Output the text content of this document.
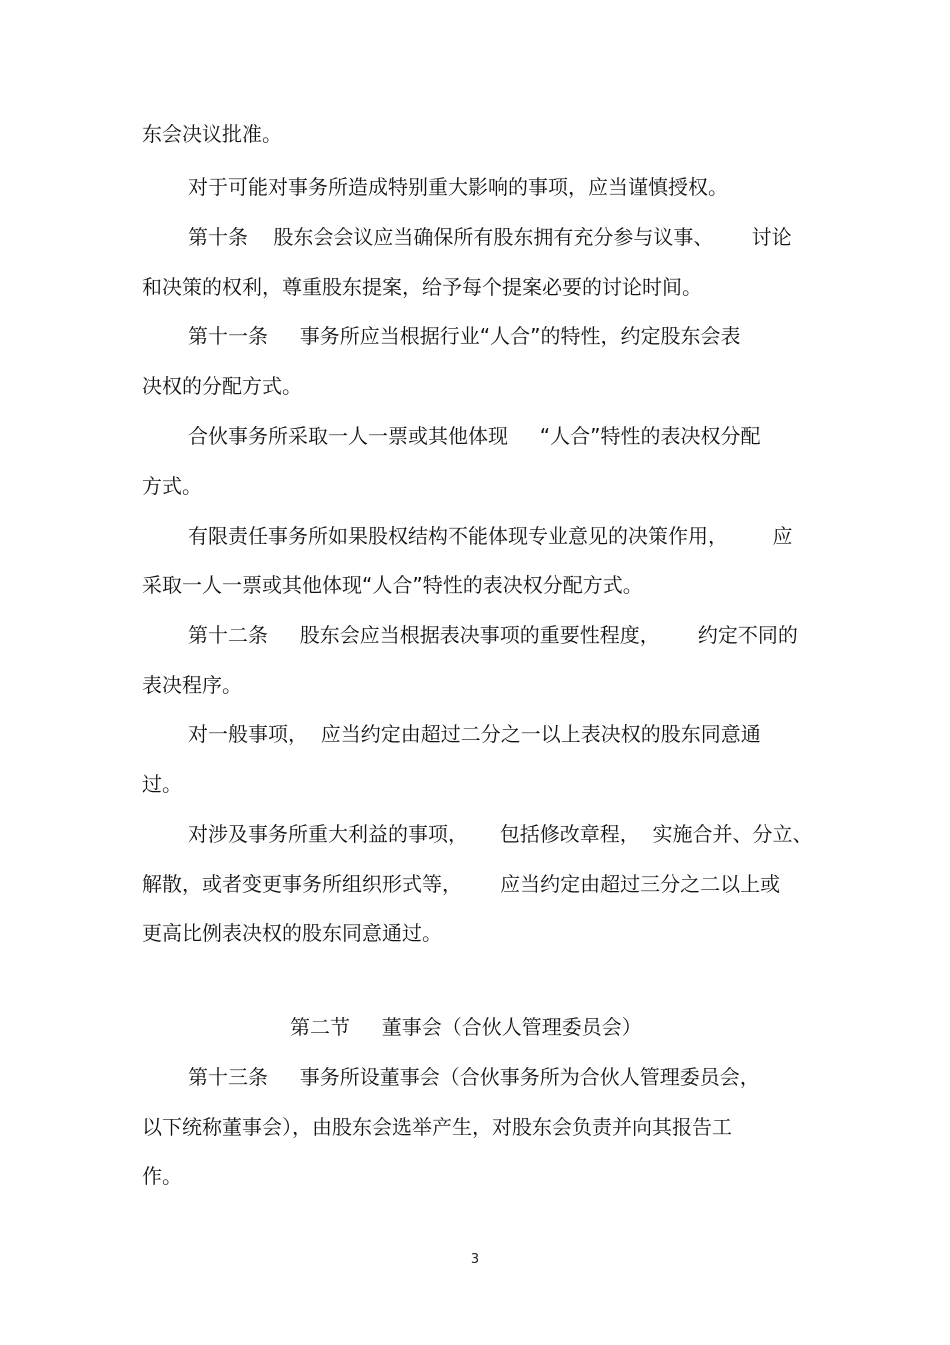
东会决议批准。

对于可能对事务所造成特别重大影响的事项，应当谨慎授权。

第十条    股东会会议应当确保所有股东拥有充分参与议事、      讨论

和决策的权利，尊重股东提案，给予每个提案必要的讨论时间。

第十一条     事务所应当根据行业“人合”的特性，约定股东会表

决权的分配方式。

合伙事务所采取一人一票或其他体现     “人合”特性的表决权分配

方式。

有限责任事务所如果股权结构不能体现专业意见的决策作用，       应

采取一人一票或其他体现“人合”特性的表决权分配方式。

第十二条     股东会应当根据表决事项的重要性程度，      约定不同的

表决程序。

对一般事项，  应当约定由超过二分之一以上表决权的股东同意通

过。

对涉及事务所重大利益的事项，     包括修改章程，  实施合并、分立、

解散，或者变更事务所组织形式等，      应当约定由超过三分之二以上或

更高比例表决权的股东同意通过。

第二节     董事会（合伙人管理委员会）

第十三条     事务所设董事会（合伙事务所为合伙人管理委员会，

以下统称董事会），由股东会选举产生，对股东会负责并向其报告工

作。

3
